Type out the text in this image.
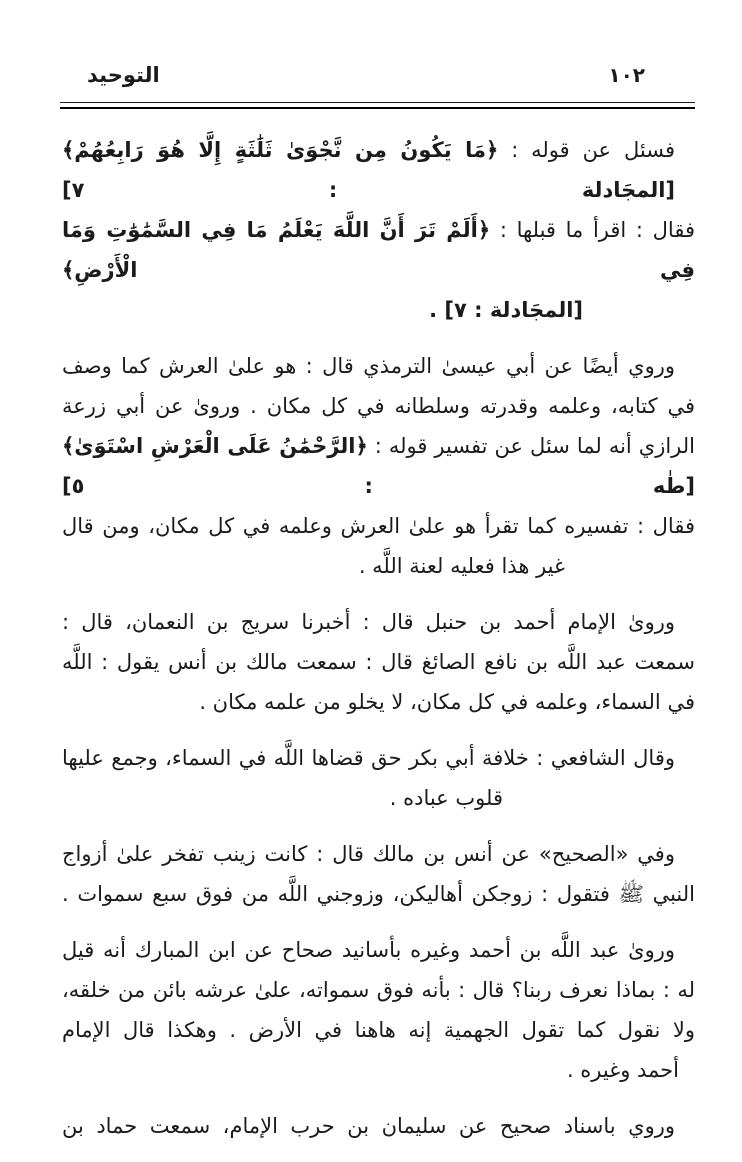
١٠٢
التوحيد
فسئل عن قوله : ﴿مَا يَكُونُ مِن نَّجْوَىٰ ثَلَٰثَةٍ إِلَّا هُوَ رَابِعُهُمْ﴾ [المجَادلة : ٧]
فقال : اقرأ ما قبلها : ﴿أَلَمْ تَرَ أَنَّ اللَّهَ يَعْلَمُ مَا فِي السَّمَٰوَٰتِ وَمَا فِي الْأَرْضِ﴾
[المجَادلة : ٧] .
وروي أيضًا عن أبي عيسىٰ الترمذي قال : هو علىٰ العرش كما وصف
في كتابه، وعلمه وقدرته وسلطانه في كل مكان . وروىٰ عن أبي زرعة
الرازي أنه لما سئل عن تفسير قوله : ﴿الرَّحْمَٰنُ عَلَى الْعَرْشِ اسْتَوَىٰ﴾ [طٰه : ٥]
فقال : تفسيره كما تقرأ هو علىٰ العرش وعلمه في كل مكان، ومن قال
غير هذا فعليه لعنة اللَّه .
وروىٰ الإمام أحمد بن حنبل قال : أخبرنا سريج بن النعمان، قال :
سمعت عبد اللَّه بن نافع الصائغ قال : سمعت مالك بن أنس يقول : اللَّه
في السماء، وعلمه في كل مكان، لا يخلو من علمه مكان .
وقال الشافعي : خلافة أبي بكر حق قضاها اللَّه في السماء، وجمع عليها
قلوب عباده .
وفي «الصحيح» عن أنس بن مالك قال : كانت زينب تفخر علىٰ أزواج
النبي ﷺ فتقول : زوجكن أهاليكن، وزوجني اللَّه من فوق سبع سموات .
وروىٰ عبد اللَّه بن أحمد وغيره بأسانيد صحاح عن ابن المبارك أنه قيل
له : بماذا نعرف ربنا؟ قال : بأنه فوق سمواته، علىٰ عرشه بائن من خلقه،
ولا نقول كما تقول الجهمية إنه هاهنا في الأرض . وهكذا قال الإمام
أحمد وغيره .
وروي باسناد صحيح عن سليمان بن حرب الإمام، سمعت حماد بن
